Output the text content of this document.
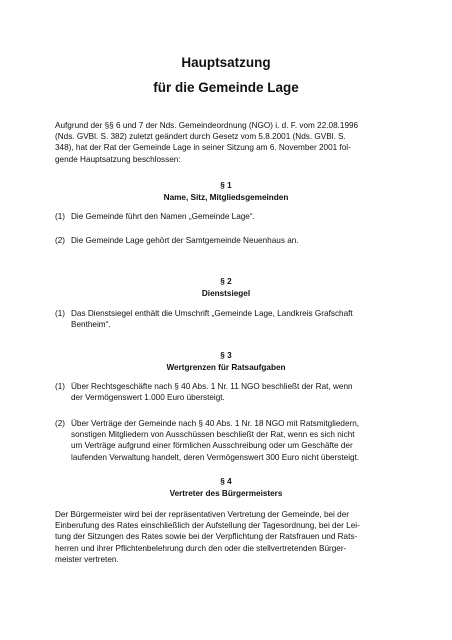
Hauptsatzung
für die Gemeinde Lage
Aufgrund der §§ 6 und 7 der Nds. Gemeindeordnung (NGO) i. d. F. vom 22.08.1996
(Nds. GVBl. S. 382) zuletzt geändert durch Gesetz vom 5.8.2001 (Nds. GVBl. S.
348), hat der Rat der Gemeinde Lage in seiner Sitzung am 6. November 2001 fol-
gende Hauptsatzung beschlossen:

§ 1

Name, Sitz, Mitgliedsgemeinden

(1) Die Gemeinde führt den Namen „Gemeinde Lage“.
(2) Die Gemeinde Lage gehört der Samtgemeinde Neuenhaus an.

§ 2

Dienstsiegel

(1) Das Dienstsiegel enthält die Umschrift „Gemeinde Lage, Landkreis Grafschaft
Bentheim“.

§ 3

Wertgrenzen für Ratsaufgaben

(1) Über Rechtsgeschäfte nach § 40 Abs. 1 Nr. 11 NGO beschließt der Rat, wenn
der Vermögenswert 1.000 Euro übersteigt.
(2) Über Verträge der Gemeinde nach § 40 Abs. 1 Nr. 18 NGO mit Ratsmitgliedern,
sonstigen Mitgliedern von Ausschüssen beschließt der Rat, wenn es sich nicht
um Verträge aufgrund einer förmlichen Ausschreibung oder um Geschäfte der
laufenden Verwaltung handelt, deren Vermögenswert 300 Euro nicht übersteigt.

§ 4

Vertreter des Bürgermeisters

Der Bürgermeister wird bei der repräsentativen Vertretung der Gemeinde, bei der
Einberufung des Rates einschließlich der Aufstellung der Tagesordnung, bei der Lei-
tung der Sitzungen des Rates sowie bei der Verpflichtung der Ratsfrauen und Rats-
herren und ihrer Pflichtenbelehrung durch den oder die stellvertretenden Bürger-
meister vertreten.
